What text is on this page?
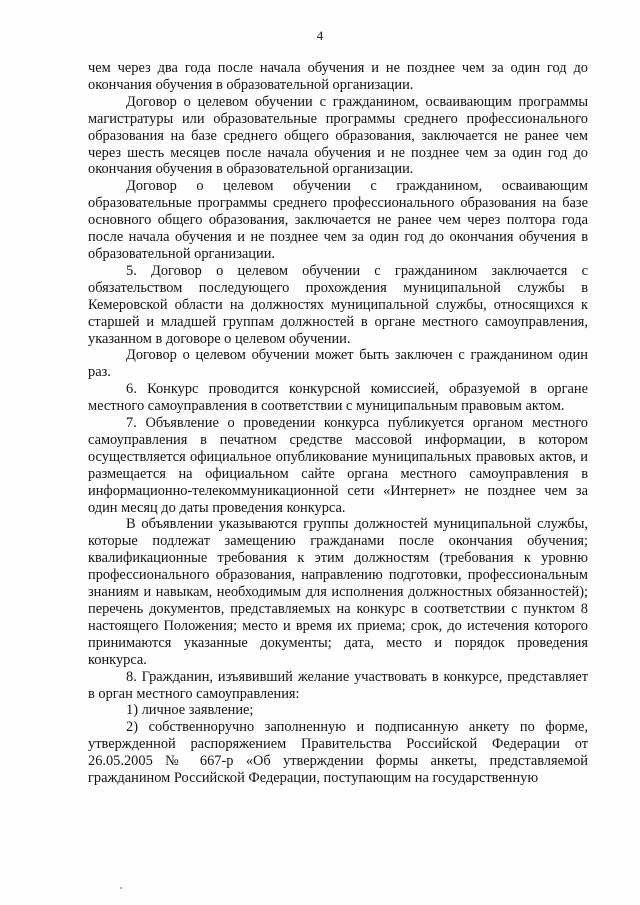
4

чем через два года после начала обучения и не позднее чем за один год до окончания обучения в образовательной организации.

Договор о целевом обучении с гражданином, осваивающим программы магистратуры или образовательные программы среднего профессионального образования на базе среднего общего образования, заключается не ранее чем через шесть месяцев после начала обучения и не позднее чем за один год до окончания обучения в образовательной организации.

Договор о целевом обучении с гражданином, осваивающим образовательные программы среднего профессионального образования на базе основного общего образования, заключается не ранее чем через полтора года после начала обучения и не позднее чем за один год до окончания обучения в образовательной организации.

5. Договор о целевом обучении с гражданином заключается с обязательством последующего прохождения муниципальной службы в Кемеровской области на должностях муниципальной службы, относящихся к старшей и младшей группам должностей в органе местного самоуправления, указанном в договоре о целевом обучении.

Договор о целевом обучении может быть заключен с гражданином один раз.

6. Конкурс проводится конкурсной комиссией, образуемой в органе местного самоуправления в соответствии с муниципальным правовым актом.

7. Объявление о проведении конкурса публикуется органом местного самоуправления в печатном средстве массовой информации, в котором осуществляется официальное опубликование муниципальных правовых актов, и размещается на официальном сайте органа местного самоуправления в информационно-телекоммуникационной сети «Интернет» не позднее чем за один месяц до даты проведения конкурса.

В объявлении указываются группы должностей муниципальной службы, которые подлежат замещению гражданами после окончания обучения; квалификационные требования к этим должностям (требования к уровню профессионального образования, направлению подготовки, профессиональным знаниям и навыкам, необходимым для исполнения должностных обязанностей); перечень документов, представляемых на конкурс в соответствии с пунктом 8 настоящего Положения; место и время их приема; срок, до истечения которого принимаются указанные документы; дата, место и порядок проведения конкурса.

8. Гражданин, изъявивший желание участвовать в конкурсе, представляет в орган местного самоуправления:

1) личное заявление;

2) собственноручно заполненную и подписанную анкету по форме, утвержденной распоряжением Правительства Российской Федерации от 26.05.2005 № 667-р «Об утверждении формы анкеты, представляемой гражданином Российской Федерации, поступающим на государственную
